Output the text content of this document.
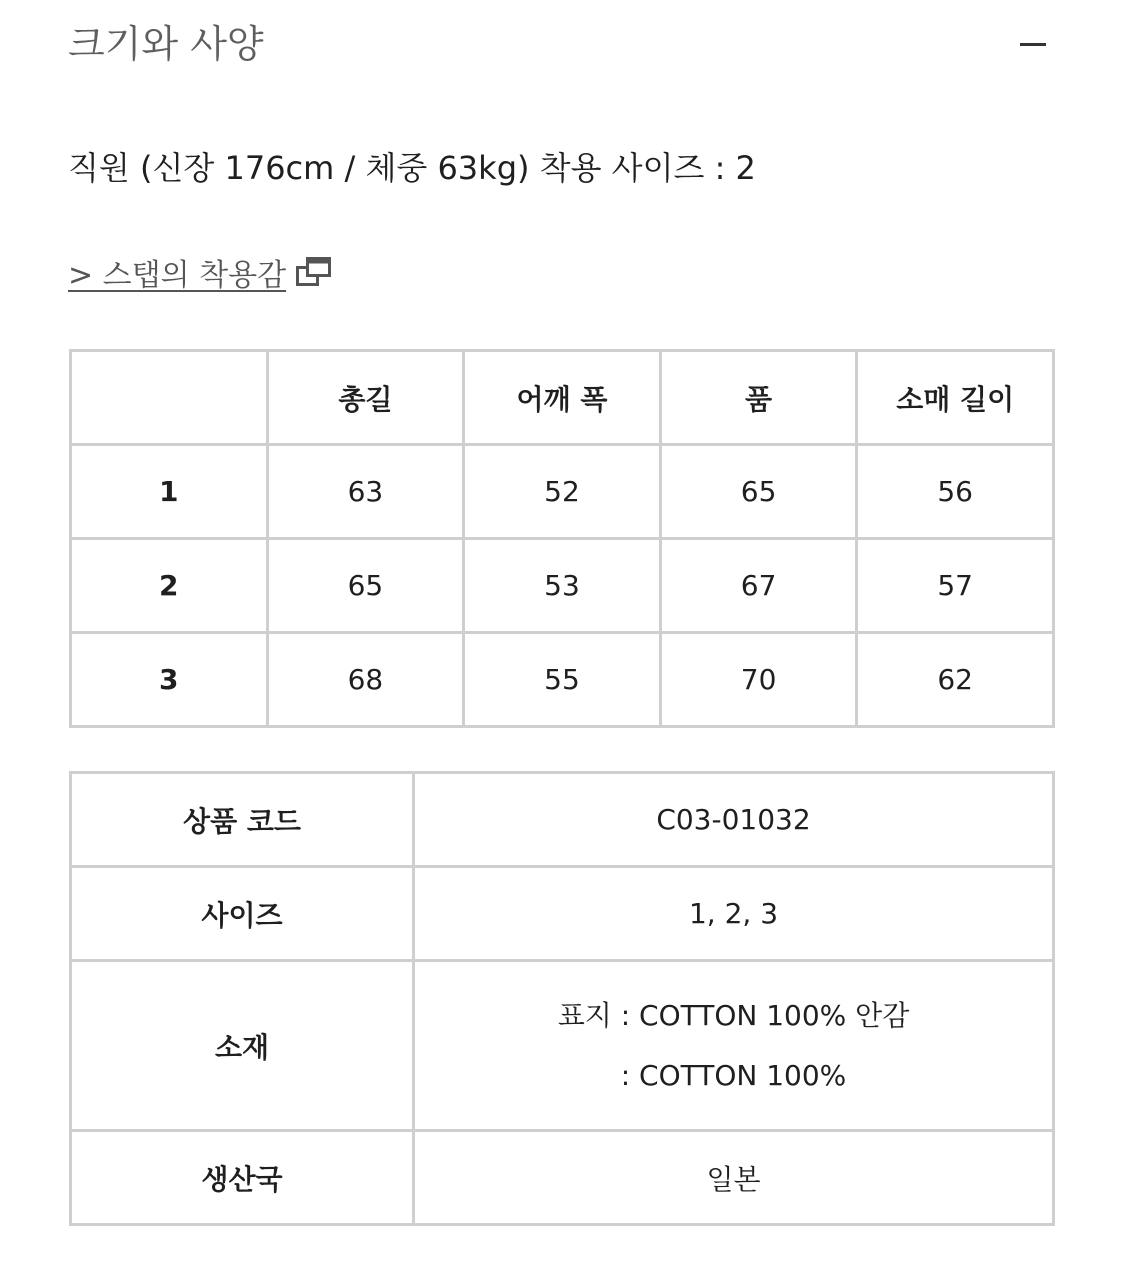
크기와 사양
직원 (신장 176cm / 체중 63kg) 착용 사이즈 : 2
> 스탭의 착용감
	총길	어깨 폭	품	소매 길이
1	63	52	65	56
2	65	53	67	57
3	68	55	70	62
상품 코드	C03-01032
사이즈	1, 2, 3
소재	표지 : COTTON 100% 안감
: COTTON 100%

생산국	일본
